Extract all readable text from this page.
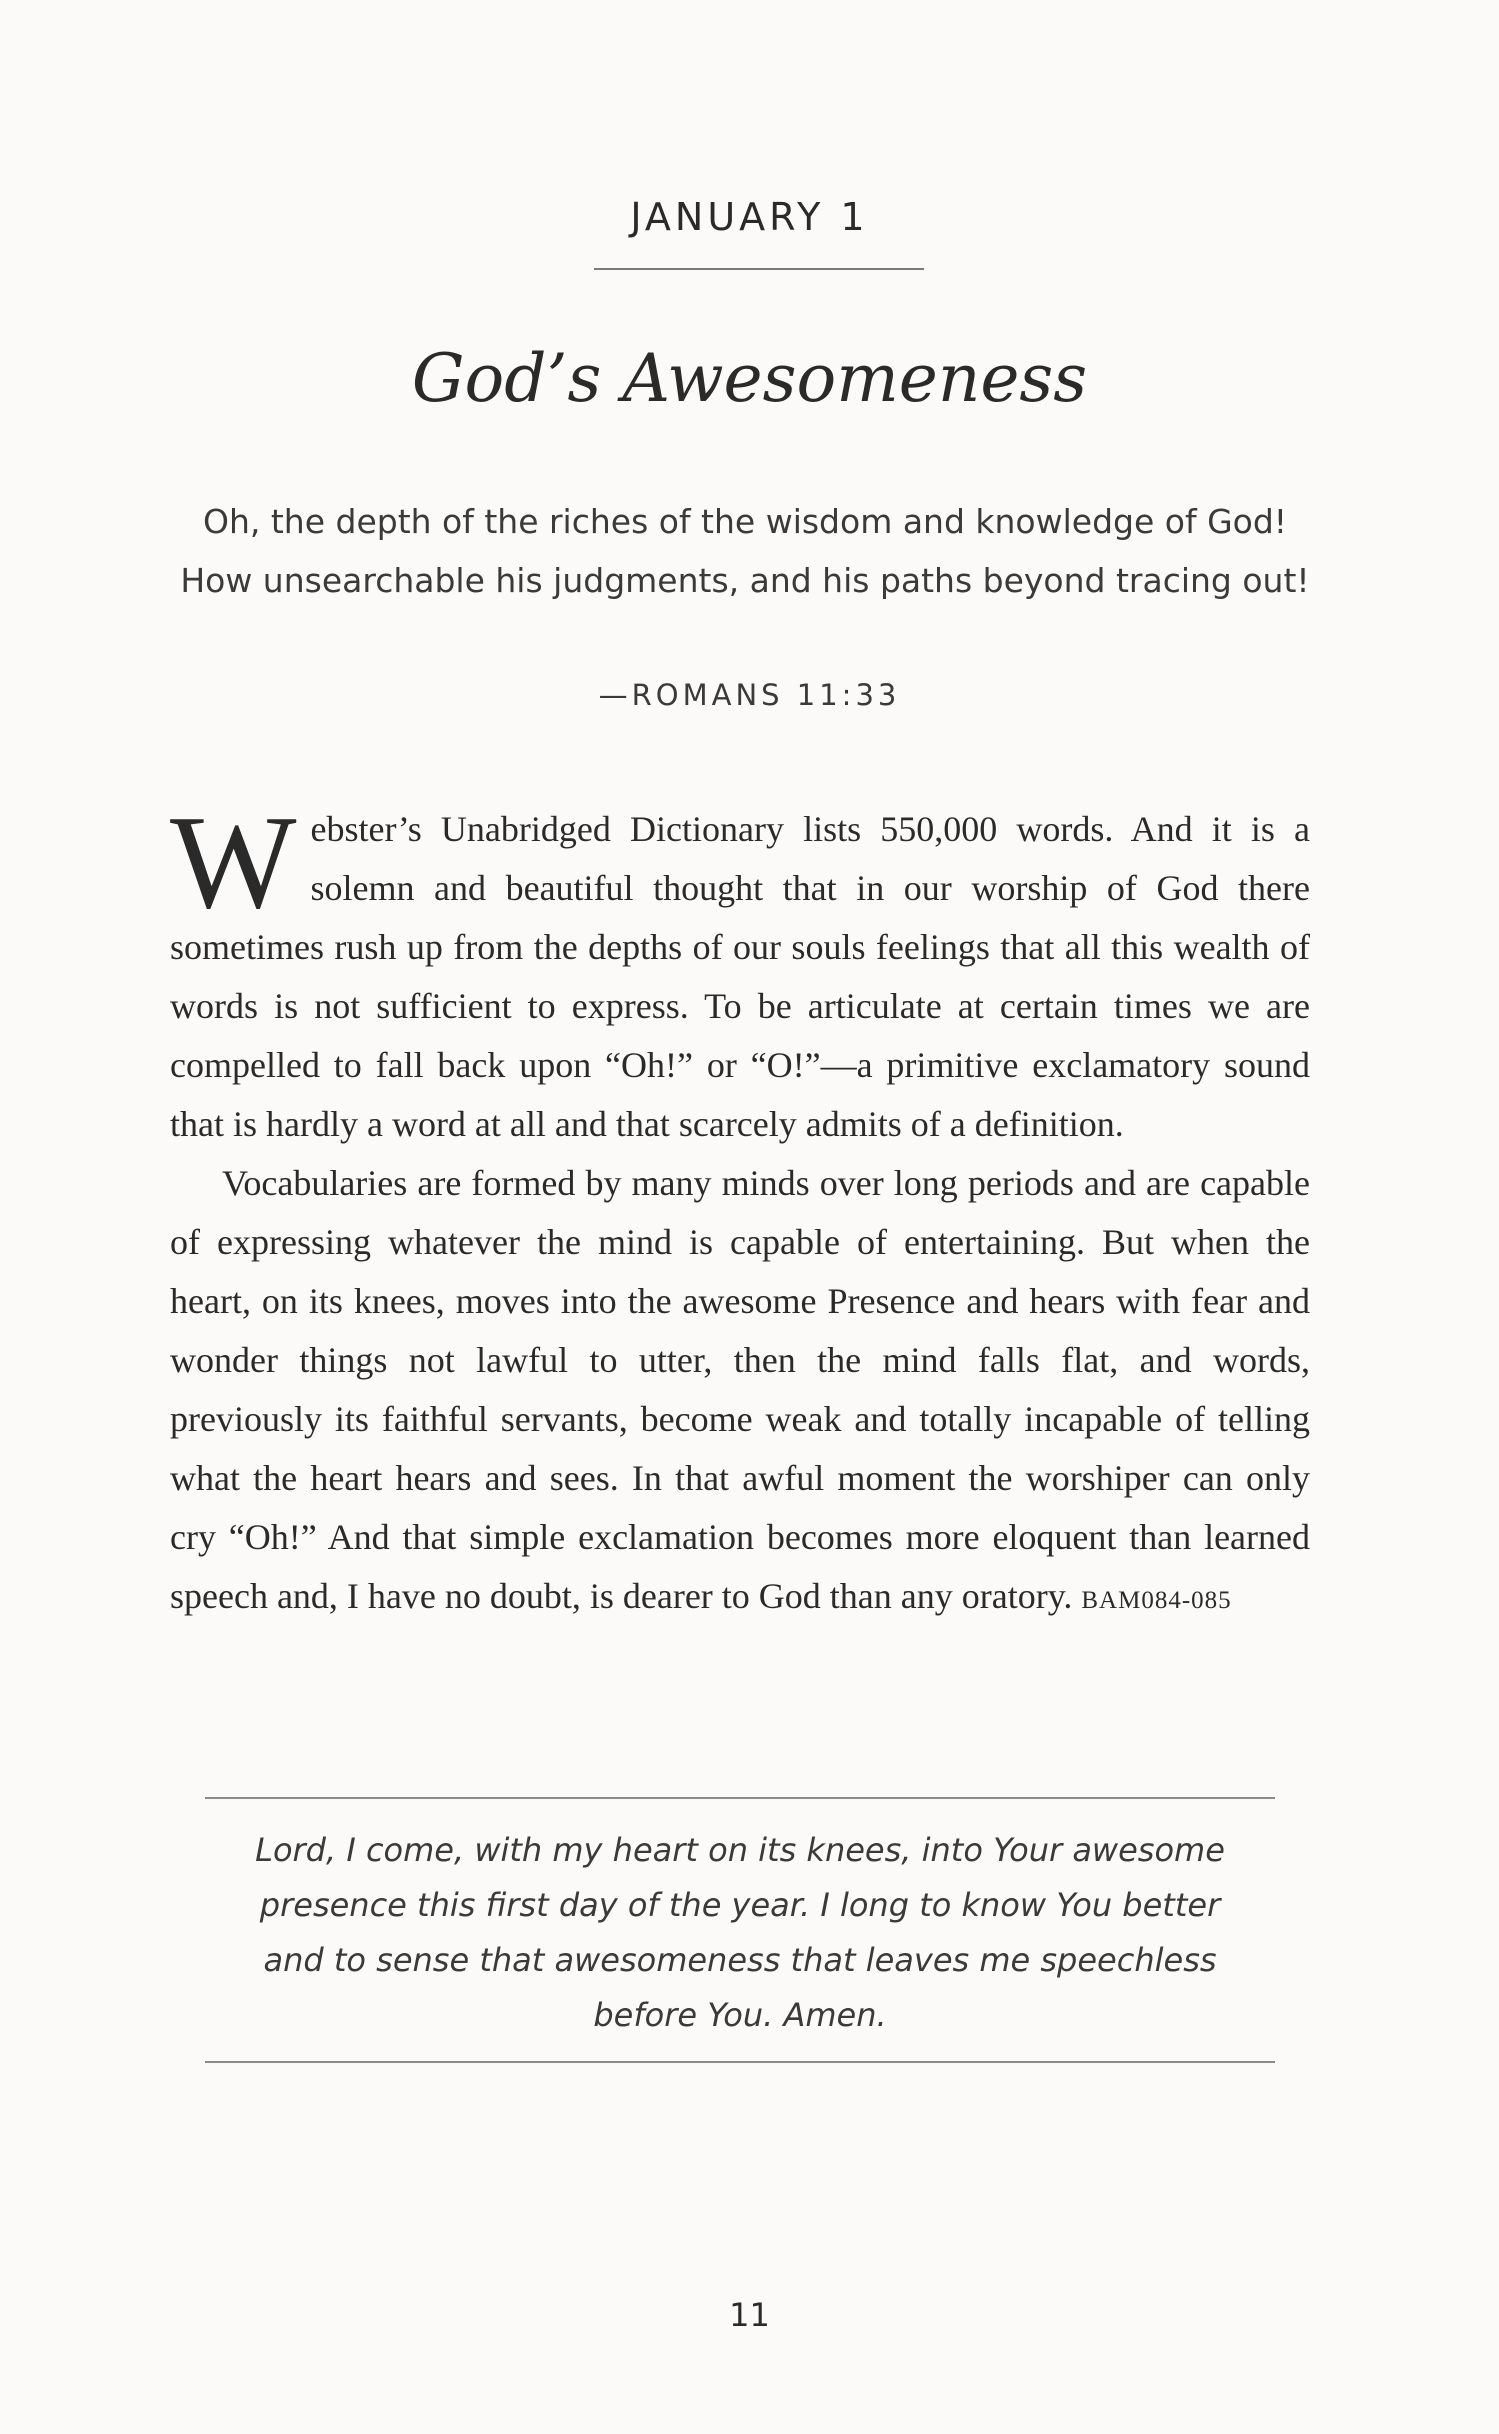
JANUARY 1
God’s Awesomeness

Oh, the depth of the riches of the wisdom and knowledge of God! How unsearchable his judgments, and his paths beyond tracing out!

—ROMANS 11:33

Webster’s Unabridged Dictionary lists 550,000 words. And it is a solemn and beautiful thought that in our worship of God there sometimes rush up from the depths of our souls feelings that all this wealth of words is not sufficient to express. To be articulate at certain times we are compelled to fall back upon “Oh!” or “O!”—a primitive exclamatory sound that is hardly a word at all and that scarcely admits of a definition.

Vocabularies are formed by many minds over long periods and are capable of expressing whatever the mind is capable of entertaining. But when the heart, on its knees, moves into the awesome Presence and hears with fear and wonder things not lawful to utter, then the mind falls flat, and words, previously its faithful servants, become weak and totally incapable of telling what the heart hears and sees. In that awful moment the worshiper can only cry “Oh!” And that simple exclamation becomes more eloquent than learned speech and, I have no doubt, is dearer to God than any oratory. BAM084-085

Lord, I come, with my heart on its knees, into Your awesome presence this first day of the year. I long to know You better and to sense that awesomeness that leaves me speechless before You. Amen.

11
